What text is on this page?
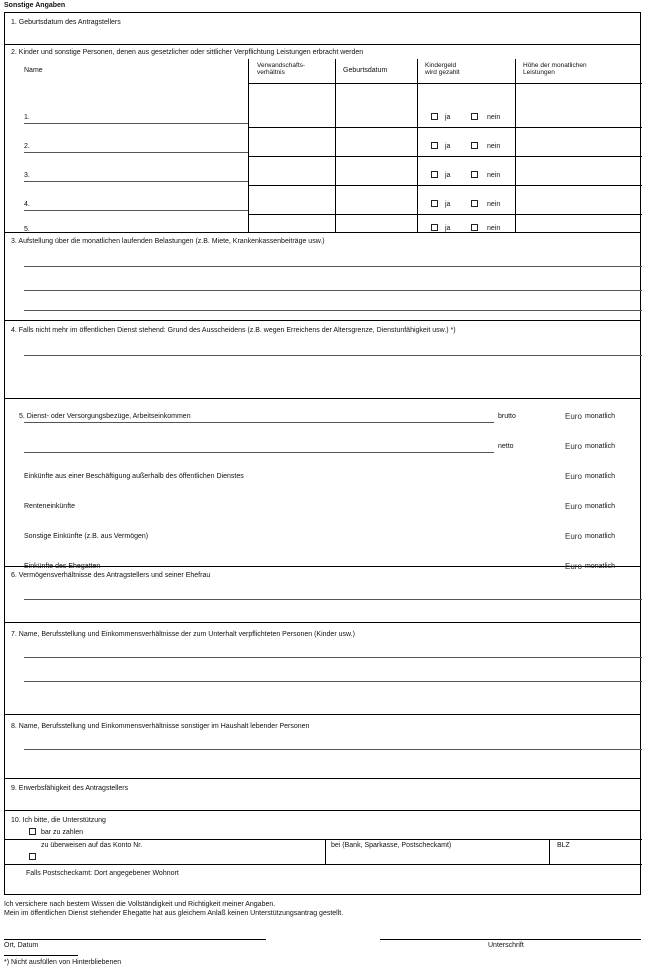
Sonstige Angaben
1. Geburtsdatum des Antragstellers
2. Kinder und sonstige Personen, denen aus gesetzlicher oder sittlicher Verpflichtung Leistungen erbracht werden
Name
Verwandschafts-
verhältnis	Geburtsdatum
Kindergeld
wird gezahlt
Höhe der monatlichen
Leistungen
1.	ja	nein
2.	ja	nein
3.	ja	nein
4.	ja	nein
5.	ja	nein
3. Aufstellung über die monatlichen laufenden Belastungen (z.B. Miete, Krankenkassenbeiträge usw.)
4. Falls nicht mehr im öffentlichen Dienst stehend: Grund des Ausscheidens (z.B. wegen Erreichens der Altersgrenze, Dienstunfähigkeit usw.) *)
5. Dienst- oder Versorgungsbezüge, Arbeitseinkommen	brutto	Euro monatlich
netto	Euro monatlich
Einkünfte aus einer Beschäftigung außerhalb des öffentlichen Dienstes	Euro monatlich
Renteneinkünfte	Euro monatlich
Sonstige Einkünfte (z.B. aus Vermögen)	Euro monatlich
Einkünfte des Ehegatten	Euro monatlich
6. Vermögensverhältnisse des Antragstellers und seiner Ehefrau
7. Name, Berufsstellung und Einkommensverhältnisse der zum Unterhalt verpflichteten Personen (Kinder usw.)
8. Name, Berufsstellung und Einkommensverhältnisse sonstiger im Haushalt lebender Personen
9. Erwerbsfähigkeit des Antragstellers
10. Ich bitte, die Unterstützung
bar zu zahlen
zu überweisen auf das Konto Nr.	bei (Bank, Sparkasse, Postscheckamt)	BLZ
Falls Postscheckamt: Dort angegebener Wohnort
Ich versichere nach bestem Wissen die Vollständigkeit und Richtigkeit meiner Angaben.
Mein im öffentlichen Dienst stehender Ehegatte hat aus gleichem Anlaß keinen Unterstützungsantrag gestellt.
Ort, Datum	Unterschrift
*) Nicht ausfüllen von Hinterbliebenen
